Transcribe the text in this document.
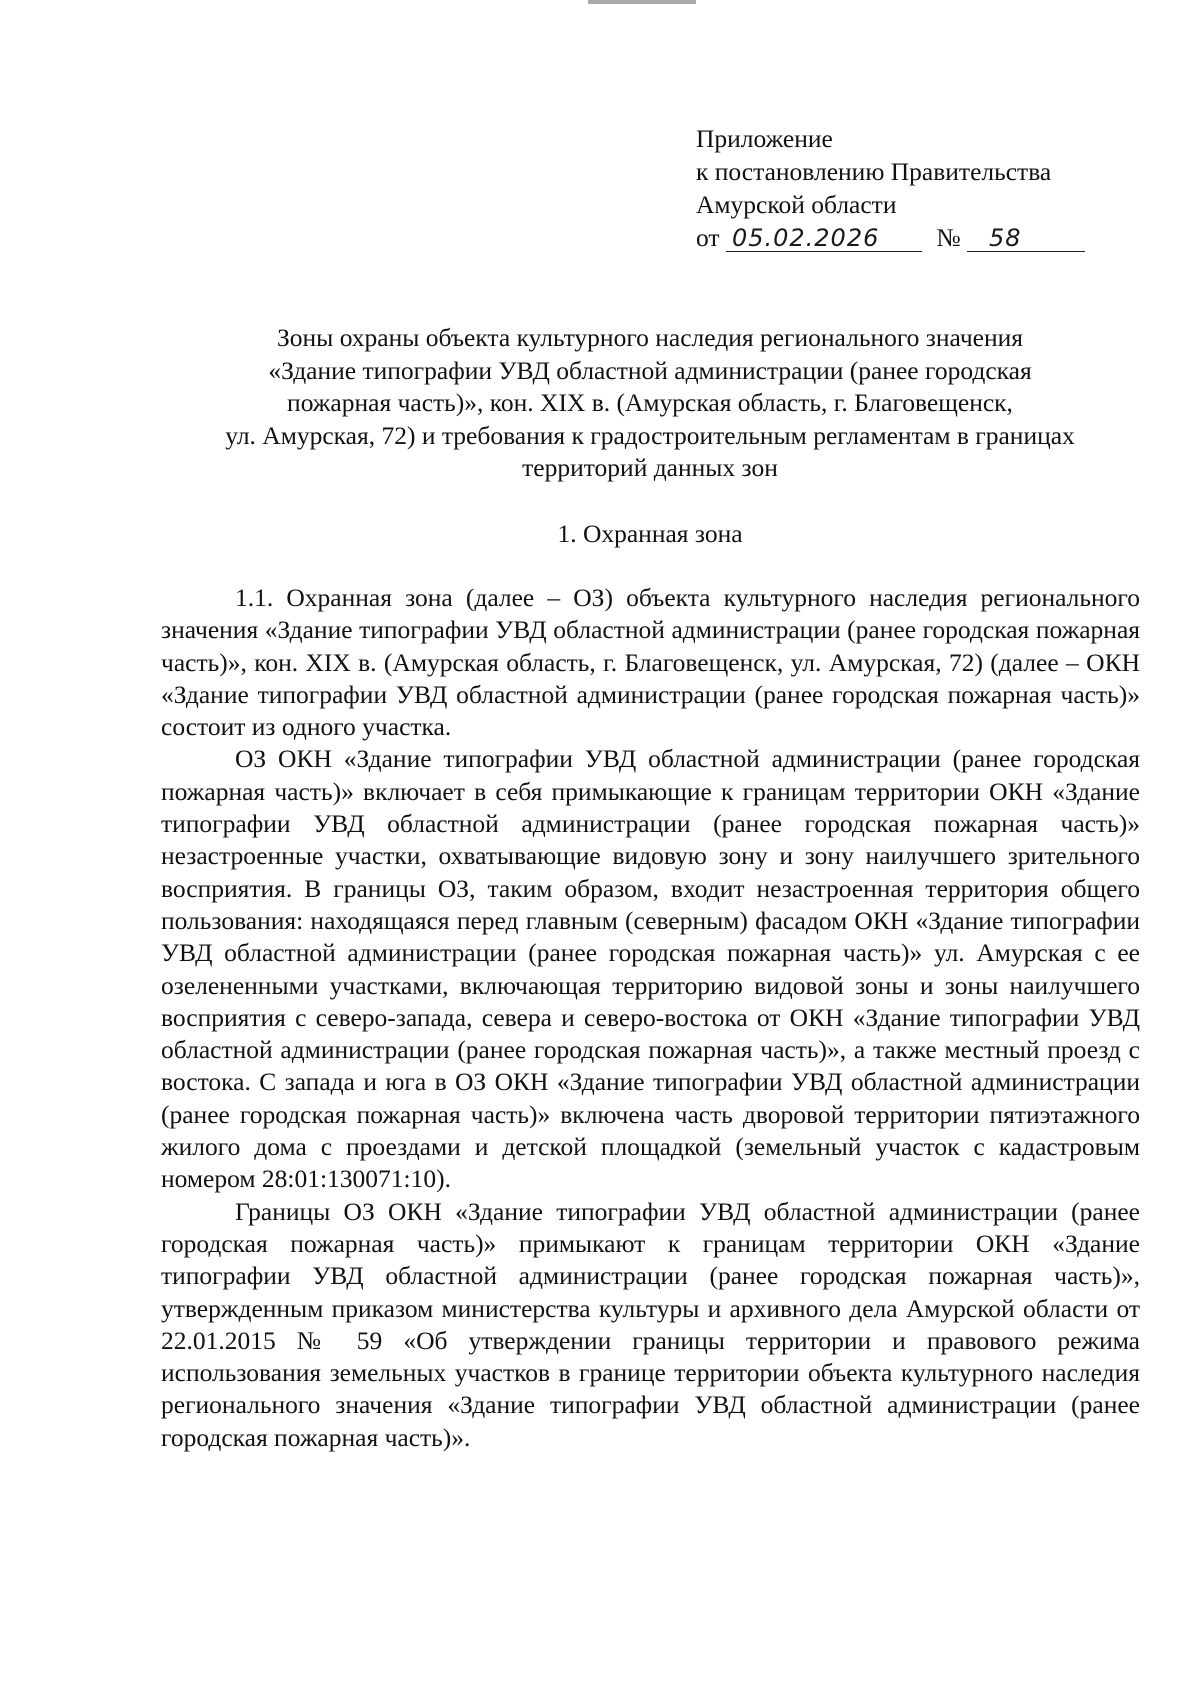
Приложение
к постановлению Правительства
Амурской области
от 05.02.2026 № 58
Зоны охраны объекта культурного наследия регионального значения
«Здание типографии УВД областной администрации (ранее городская
пожарная часть)», кон. XIX в. (Амурская область, г. Благовещенск,
ул. Амурская, 72) и требования к градостроительным регламентам в границах
территорий данных зон
1. Охранная зона

1.1. Охранная зона (далее – ОЗ) объекта культурного наследия регионального значения «Здание типографии УВД областной администрации (ранее городская пожарная часть)», кон. XIX в. (Амурская область, г. Благовещенск, ул. Амурская, 72) (далее – ОКН «Здание типографии УВД областной администрации (ранее городская пожарная часть)» состоит из одного участка.

ОЗ ОКН «Здание типографии УВД областной администрации (ранее городская пожарная часть)» включает в себя примыкающие к границам территории ОКН «Здание типографии УВД областной администрации (ранее городская пожарная часть)» незастроенные участки, охватывающие видовую зону и зону наилучшего зрительного восприятия. В границы ОЗ, таким образом, входит незастроенная территория общего пользования: находящаяся перед главным (северным) фасадом ОКН «Здание типографии УВД областной администрации (ранее городская пожарная часть)» ул. Амурская с ее озелененными участками, включающая территорию видовой зоны и зоны наилучшего восприятия с северо-запада, севера и северо-востока от ОКН «Здание типографии УВД областной администрации (ранее городская пожарная часть)», а также местный проезд с востока. С запада и юга в ОЗ ОКН «Здание типографии УВД областной администрации (ранее городская пожарная часть)» включена часть дворовой территории пятиэтажного жилого дома с проездами и детской площадкой (земельный участок с кадастровым номером 28:01:130071:10).

Границы ОЗ ОКН «Здание типографии УВД областной администрации (ранее городская пожарная часть)» примыкают к границам территории ОКН «Здание типографии УВД областной администрации (ранее городская пожарная часть)», утвержденным приказом министерства культуры и архивного дела Амурской области от 22.01.2015 № 59 «Об утверждении границы территории и правового режима использования земельных участков в границе территории объекта культурного наследия регионального значения «Здание типографии УВД областной администрации (ранее городская пожарная часть)».
